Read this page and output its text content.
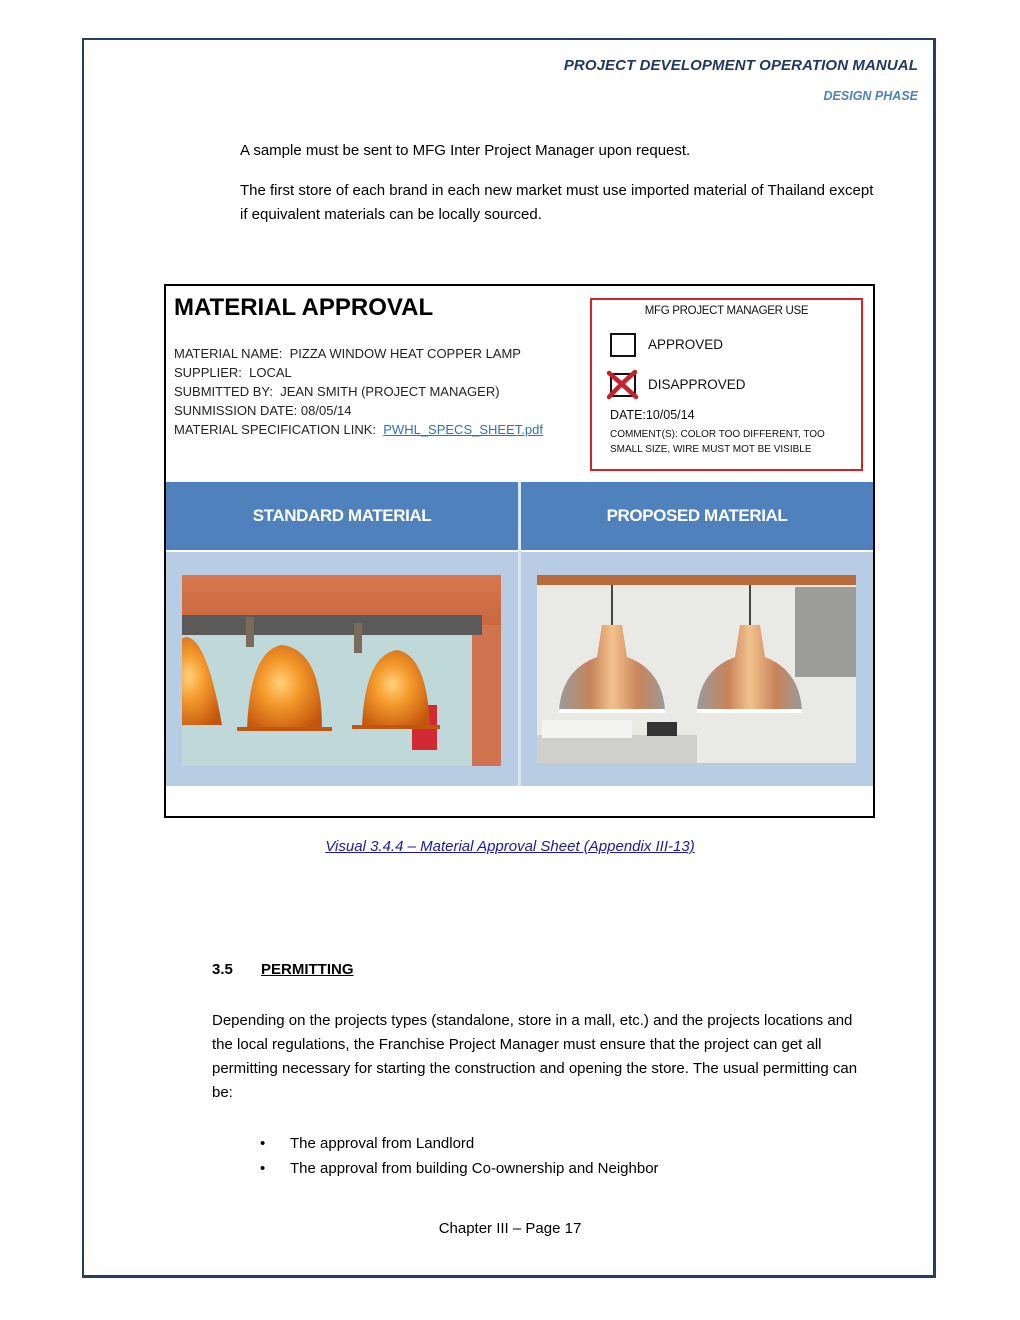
PROJECT DEVELOPMENT OPERATION MANUAL
DESIGN PHASE
A sample must be sent to MFG Inter Project Manager upon request.
The first store of each brand in each new market must use imported material of Thailand except if equivalent materials can be locally sourced.
MATERIAL APPROVAL
MATERIAL NAME: PIZZA WINDOW HEAT COPPER LAMP
SUPPLIER: LOCAL
SUBMITTED BY: JEAN SMITH (PROJECT MANAGER)
SUNMISSION DATE: 08/05/14
MATERIAL SPECIFICATION LINK: PWHL_SPECS_SHEET.pdf
MFG PROJECT MANAGER USE
APPROVED
DISAPPROVED
DATE:10/05/14
COMMENT(S): COLOR TOO DIFFERENT, TOO SMALL SIZE, WIRE MUST MOT BE VISIBLE
STANDARD MATERIAL	PROPOSED MATERIAL
Visual 3.4.4 – Material Approval Sheet (Appendix III-13)
3.5 PERMITTING
Depending on the projects types (standalone, store in a mall, etc.) and the projects locations and the local regulations, the Franchise Project Manager must ensure that the project can get all permitting necessary for starting the construction and opening the store. The usual permitting can be:
•	The approval from Landlord
•	The approval from building Co-ownership and Neighbor
Chapter III – Page 17
